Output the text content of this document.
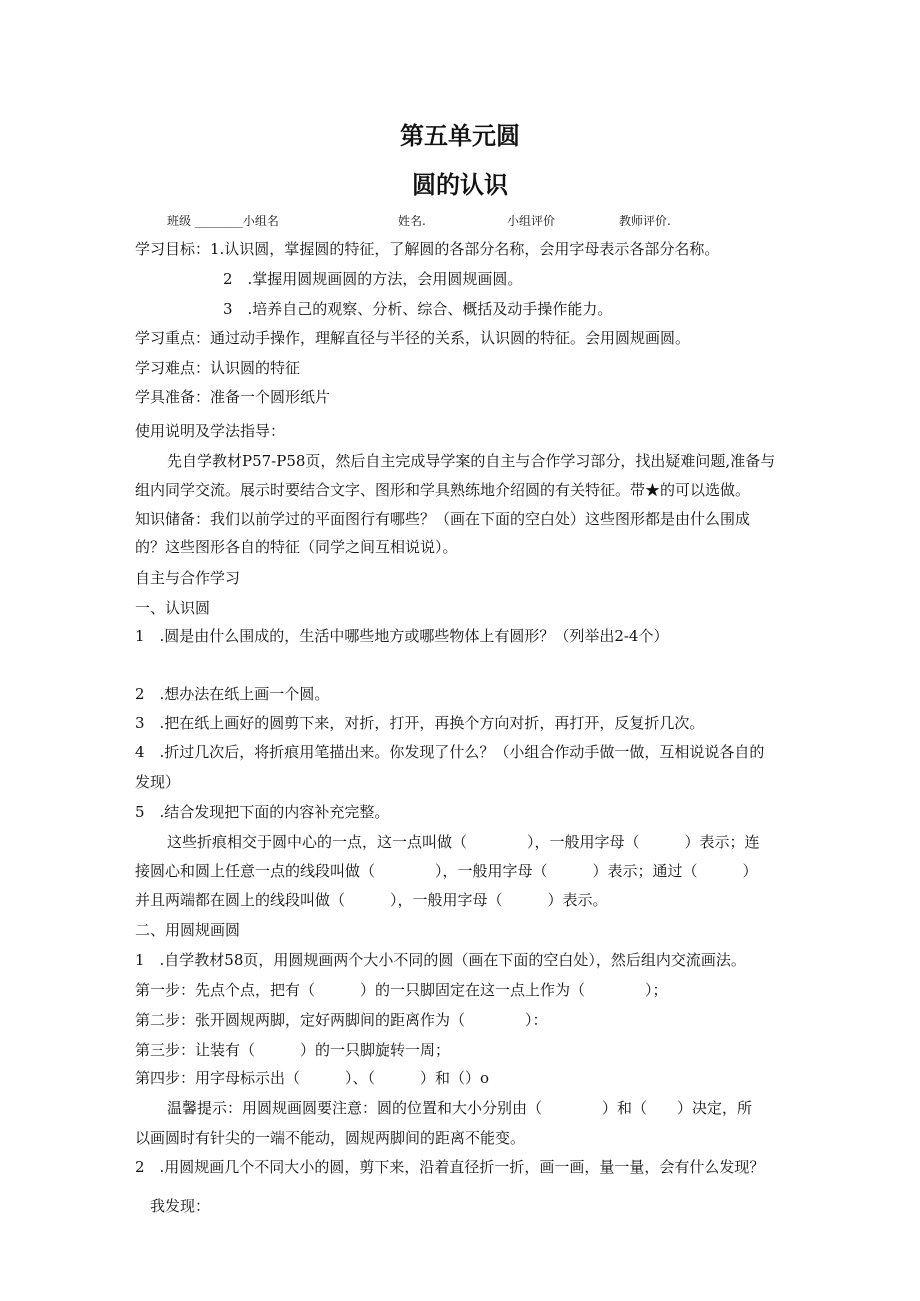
第五单元圆
圆的认识
班级 ________小组名	姓名.	小组评价	教师评价.
学习目标：1.认识圆，掌握圆的特征，了解圆的各部分名称，会用字母表示各部分名称。
2　.掌握用圆规画圆的方法，会用圆规画圆。
3　.培养自己的观察、分析、综合、概括及动手操作能力。
学习重点：通过动手操作，理解直径与半径的关系，认识圆的特征。会用圆规画圆。
学习难点：认识圆的特征
学具准备：准备一个圆形纸片
使用说明及学法指导：
先自学教材P57-P58页，然后自主完成导学案的自主与合作学习部分，找出疑难问题,准备与
组内同学交流。展示时要结合文字、图形和学具熟练地介绍圆的有关特征。带★的可以选做。
知识储备：我们以前学过的平面图行有哪些？（画在下面的空白处）这些图形都是由什么围成
的？这些图形各自的特征（同学之间互相说说）。
自主与合作学习
一、认识圆
1　.圆是由什么围成的，生活中哪些地方或哪些物体上有圆形？（列举出2-4个）
2　.想办法在纸上画一个圆。
3　.把在纸上画好的圆剪下来，对折，打开，再换个方向对折，再打开，反复折几次。
4　.折过几次后，将折痕用笔描出来。你发现了什么？（小组合作动手做一做，互相说说各自的
发现）
5　.结合发现把下面的内容补充完整。
这些折痕相交于圆中心的一点，这一点叫做（　　　　），一般用字母（　　　）表示；连
接圆心和圆上任意一点的线段叫做（　　　　），一般用字母（　　　）表示；通过（　　　）
并且两端都在圆上的线段叫做（　　　），一般用字母（　　　）表示。
二、用圆规画圆
1　.自学教材58页，用圆规画两个大小不同的圆（画在下面的空白处），然后组内交流画法。
第一步：先点个点，把有（　　　）的一只脚固定在这一点上作为（　　　　）；
第二步：张开圆规两脚，定好两脚间的距离作为（　　　　）：
第三步：让装有（　　　）的一只脚旋转一周；
第四步：用字母标示出（　　　）、（　　　）和（）o
温馨提示：用圆规画圆要注意：圆的位置和大小分别由（　　　　）和（　　）决定，所
以画圆时有针尖的一端不能动，圆规两脚间的距离不能变。
2　.用圆规画几个不同大小的圆，剪下来，沿着直径折一折，画一画，量一量，会有什么发现？
我发现：
